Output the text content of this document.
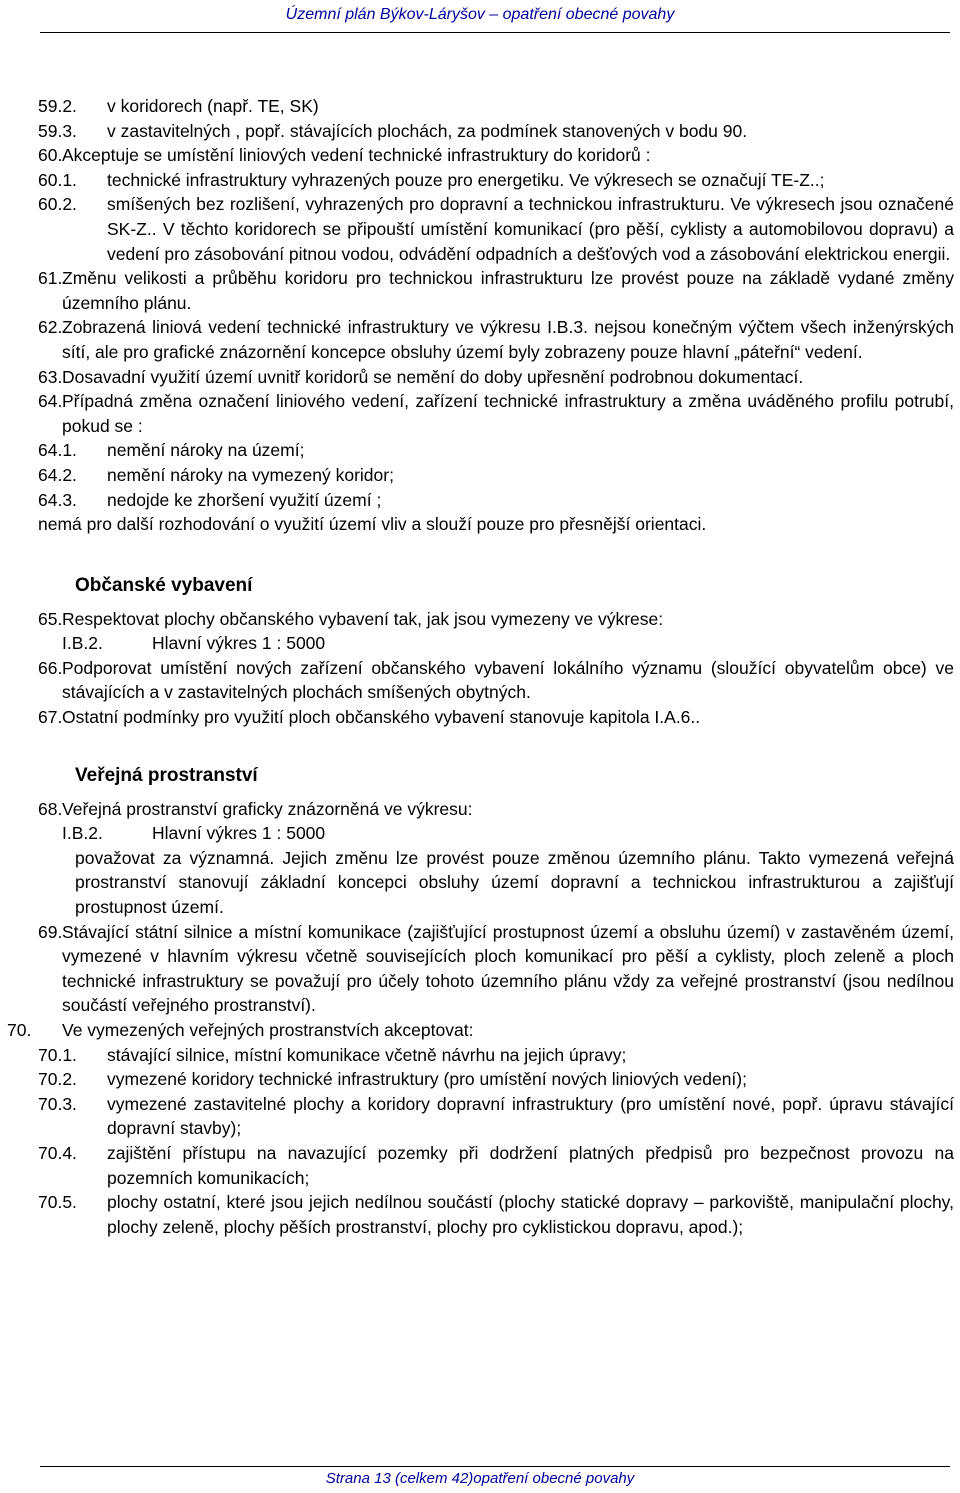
Územní plán Býkov-Láryšov – opatření obecné povahy
59.2. v koridorech (např. TE, SK)
59.3. v zastavitelných , popř. stávajících plochách, za podmínek stanovených v bodu 90.
60. Akceptuje se umístění liniových vedení technické infrastruktury do koridorů :
60.1. technické infrastruktury vyhrazených pouze pro energetiku. Ve výkresech se označují TE-Z..;
60.2. smíšených bez rozlišení, vyhrazených pro dopravní a technickou infrastrukturu. Ve výkresech jsou označené SK-Z.. V těchto koridorech se připouští umístění komunikací (pro pěší, cyklisty a automobilovou dopravu) a vedení pro zásobování pitnou vodou, odvádění odpadních a dešťových vod a zásobování elektrickou energii.
61. Změnu velikosti a průběhu koridoru pro technickou infrastrukturu lze provést pouze na základě vydané změny územního plánu.
62. Zobrazená liniová vedení technické infrastruktury ve výkresu I.B.3. nejsou konečným výčtem všech inženýrských sítí, ale pro grafické znázornění koncepce obsluhy území byly zobrazeny pouze hlavní „páteřní“ vedení.
63. Dosavadní využití území uvnitř koridorů se nemění do doby upřesnění podrobnou dokumentací.
64. Případná změna označení liniového vedení, zařízení technické infrastruktury a změna uváděného profilu potrubí, pokud se :
64.1. nemění nároky na území;
64.2. nemění nároky na vymezený koridor;
64.3. nedojde ke zhoršení využití území ;
nemá pro další rozhodování o využití území vliv a slouží pouze pro přesnější orientaci.
Občanské vybavení
65. Respektovat plochy občanského vybavení tak, jak jsou vymezeny ve výkrese:
I.B.2.	Hlavní výkres 1 : 5000
66. Podporovat umístění nových zařízení občanského vybavení lokálního významu (sloužící obyvatelům obce) ve stávajících a v zastavitelných plochách smíšených obytných.
67. Ostatní podmínky pro využití ploch občanského vybavení stanovuje kapitola I.A.6..
Veřejná prostranství
68. Veřejná prostranství graficky znázorněná ve výkresu:
I.B.2.	Hlavní výkres 1 : 5000
považovat za významná. Jejich změnu lze provést pouze změnou územního plánu. Takto vymezená veřejná prostranství stanovují základní koncepci obsluhy území dopravní a technickou infrastrukturou a zajišťují prostupnost území.
69. Stávající státní silnice a místní komunikace (zajišťující prostupnost území a obsluhu území) v zastavěném území, vymezené v hlavním výkresu včetně souvisejících ploch komunikací pro pěší a cyklisty, ploch zeleně a ploch technické infrastruktury se považují pro účely tohoto územního plánu vždy za veřejné prostranství (jsou nedílnou součástí veřejného prostranství).
70. Ve vymezených veřejných prostranstvích akceptovat:
70.1. stávající silnice, místní komunikace včetně návrhu na jejich úpravy;
70.2. vymezené koridory technické infrastruktury (pro umístění nových liniových vedení);
70.3. vymezené zastavitelné plochy a koridory dopravní infrastruktury (pro umístění nové, popř. úpravu stávající dopravní stavby);
70.4. zajištění přístupu na navazující pozemky při dodržení platných předpisů pro bezpečnost provozu na pozemních komunikacích;
70.5. plochy ostatní, které jsou jejich nedílnou součástí (plochy statické dopravy – parkoviště, manipulační plochy, plochy zeleně, plochy pěších prostranství, plochy pro cyklistickou dopravu, apod.);
Strana 13 (celkem 42)opatření obecné povahy
